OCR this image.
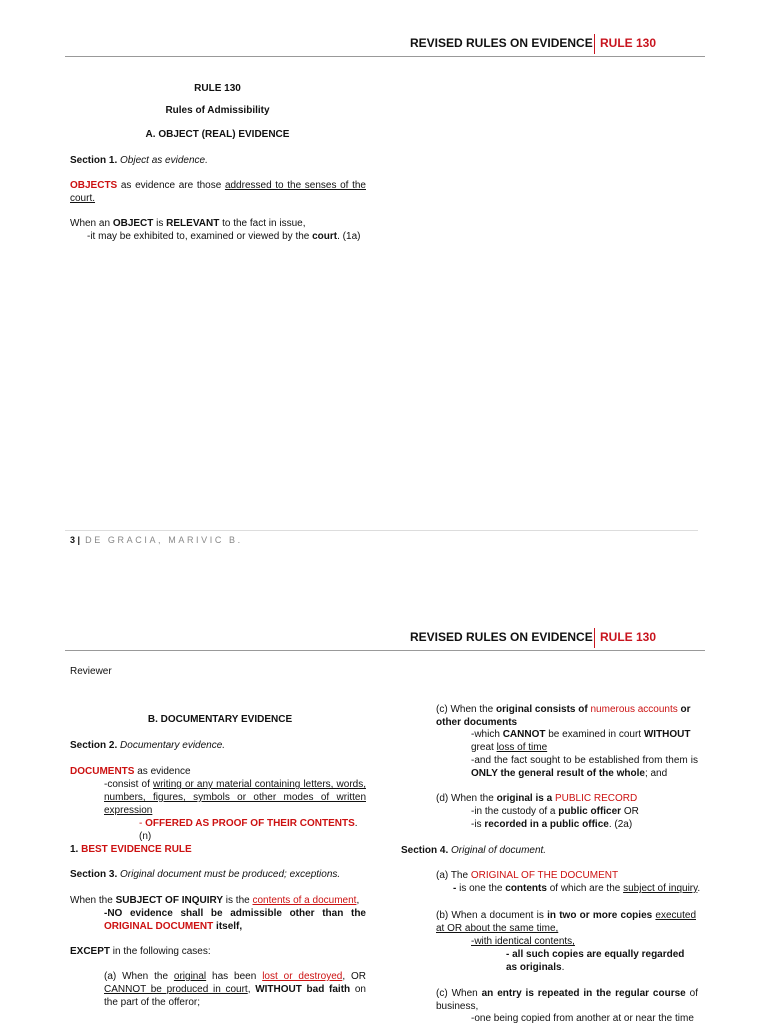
REVISED RULES ON EVIDENCE RULE 130
RULE 130
Rules of Admissibility
A. OBJECT (REAL) EVIDENCE
Section 1. Object as evidence.
OBJECTS as evidence are those addressed to the senses of the court.
When an OBJECT is RELEVANT to the fact in issue,
-it may be exhibited to, examined or viewed by the court. (1a)
3 | DE GRACIA, MARIVIC B.
REVISED RULES ON EVIDENCE RULE 130
Reviewer
B. DOCUMENTARY EVIDENCE
Section 2. Documentary evidence.
DOCUMENTS as evidence
-consist of writing or any material containing letters, words, numbers, figures, symbols or other modes of written expression
- OFFERED AS PROOF OF THEIR CONTENTS. (n)
1. BEST EVIDENCE RULE
Section 3. Original document must be produced; exceptions.
When the SUBJECT OF INQUIRY is the contents of a document,
-NO evidence shall be admissible other than the ORIGINAL DOCUMENT itself,
EXCEPT in the following cases:
(a) When the original has been lost or destroyed, OR CANNOT be produced in court, WITHOUT bad faith on the part of the offeror;
(c) When the original consists of numerous accounts or other documents
-which CANNOT be examined in court WITHOUT
great loss of time
-and the fact sought to be established from them is ONLY the general result of the whole; and
(d) When the original is a PUBLIC RECORD
-in the custody of a public officer OR
-is recorded in a public office. (2a)
Section 4. Original of document.
(a) The ORIGINAL OF THE DOCUMENT
- is one the contents of which are the subject of inquiry.
(b) When a document is in two or more copies executed at OR about the same time,
-with identical contents,
- all such copies are equally regarded as originals.
(c) When an entry is repeated in the regular course of business,
-one being copied from another at or near the time
